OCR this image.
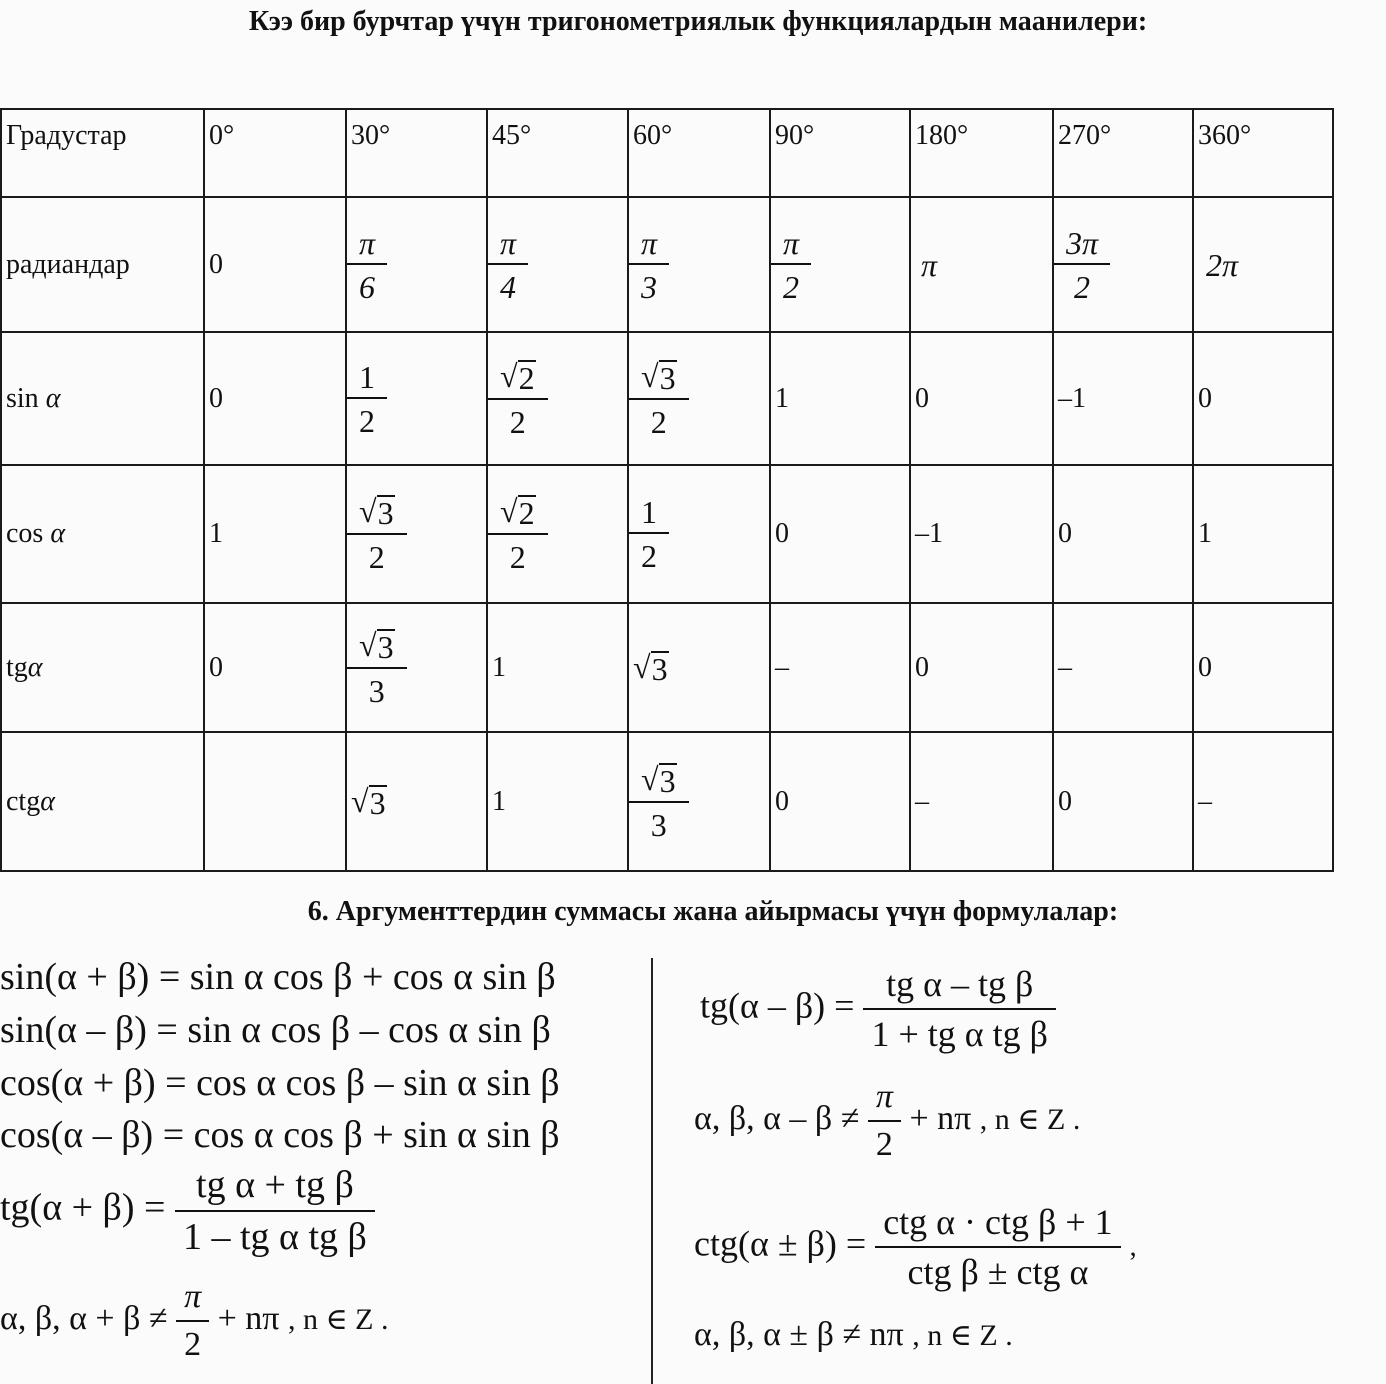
Кээ бир бурчтар үчүн тригонометриялык функциялардын маанилери:
Градустар	0°	30°	45°	60°	90°	180°	270°	360°
радиандар	0	$\frac{\pi}{6}$	$\frac{\pi}{4}$	$\frac{\pi}{3}$	$\frac{\pi}{2}$	π	$\frac{3\pi}{2}$	2π
sin α	0	$\frac{1}{2}$	$\frac{√ 2}{2}$	$\frac{√ 3}{2}$	1	0	–1	0
cos α	1	$\frac{√ 3}{2}$	$\frac{√ 2}{2}$	$\frac{1}{2}$	0	–1	0	1
tgα	0	$\frac{√ 3}{3}$	1	√ 3	–	0	–	0
ctgα		√ 3	1	$\frac{√ 3}{3}$	0	–	0	–
6. Аргументтердин суммасы жана айырмасы үчүн формулалар:
sin(α + β) = sin α cos β + cos α sin β
sin(α – β) = sin α cos β – cos α sin β
cos(α + β) = cos α cos β – sin α sin β
cos(α – β) = cos α cos β + sin α sin β
$tg(\alpha + \beta) = \frac{\text{tg α + tg β}}{\text{1 – tg α tg β}}$
α, β, $\alpha + \beta \ne \frac{\pi}{2} + n\pi$ , n ∈ Z .
$tg(\alpha - \beta) = \frac{\text{tg α – tg β}}{\text{1 + tg α tg β}}$
α, β, $\alpha - \beta \ne \frac{\pi}{2} + n\pi$ , n ∈ Z .
$ctg(\alpha \pm \beta) = \frac{\text{ctg α · ctg β + 1}}{\text{ctg β ± ctg α}}$ ,
α, β, α ± β ≠ nπ , n ∈ Z .
